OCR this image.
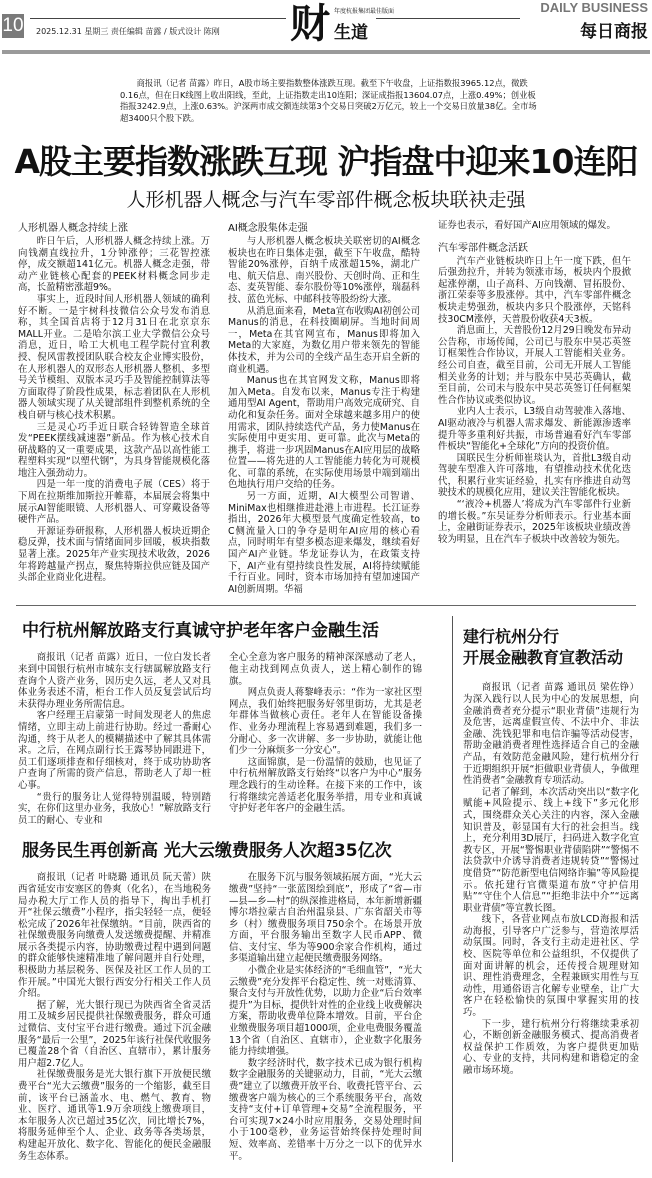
10 2025.12.31 星期三 责任编辑 苗露 / 版式设计 陈刚 财 年度杭报集团最佳版面
生道
DAILY BUSINESS
每日商报
商报讯（记者 苗露）昨日，A股市场主要指数整体涨跌互现。截至下午收盘，上证指数报3965.12点，微跌0.16点，但在日K线图上收出阳线，至此，上证指数走出10连阳；深证成指报13604.07点，上涨0.49%；创业板指报3242.9点，上涨0.63%。沪深两市成交额连续第3个交易日突破2万亿元，较上一个交易日放量38亿。全市场超3400只个股下跌。
A股主要指数涨跌互现 沪指盘中迎来10连阳
人形机器人概念与汽车零部件概念板块联袂走强
人形机器人概念持续上涨

昨日午后，人形机器人概念持续上涨。万向钱潮直线拉升，1分钟涨停；三花智控涨停，成交额超141亿元。机器人概念走强，带动产业链核心配套的PEEK材料概念同步走高，长盈精密涨超9%。

事实上，近段时间人形机器人领域的确利好不断。一是宇树科技微信公众号发布消息称，其全国首店将于12月31日在北京京东MALL开业。二是哈尔滨工业大学微信公众号消息，近日，哈工大机电工程学院付宜利教授、倪风雷教授团队联合校友企业博实股份，在人形机器人的双形态人形机器人整机、多型号关节模组、双版本灵巧手及智能控制算法等方面取得了阶段性成果，标志着团队在人形机器人领域实现了从关键部组件到整机系统的全栈自研与核心技术积累。

三是灵心巧手近日联合轻铸智造全球首发“PEEK摆线减速器”新品。作为核心技术自研战略的又一重要成果，这款产品以高性能工程塑料实现“以塑代钢”，为具身智能规模化落地注入强劲动力。

四是一年一度的消费电子展（CES）将于下周在拉斯维加斯拉开帷幕，本届展会将集中展示AI智能眼镜、人形机器人、可穿戴设备等硬件产品。

开源证券研报称，人形机器人板块近期企稳反弹，技术面与情绪面同步回暖，板块指数显著上涨。2025年产业实现技术收敛，2026年将跨越量产拐点，聚焦特斯拉供应链及国产头部企业商业化进程。

AI概念股集体走强

与人形机器人概念板块关联密切的AI概念板块也在昨日集体走强，截至下午收盘，酷特智能20%涨停，百纳千成涨超15%，湖北广电、航天信息、南兴股份、天创时尚、正和生态、麦英智能、泰尔股份等10%涨停，瑞磊科技、蓝色光标、中邮科技等股纷纷大涨。

从消息面来看，Meta宣布收购AI初创公司Manus的消息，在科技圈刷屏。当地时间周一，Meta在其官网宣布，Manus即将加入Meta的大家庭，为数亿用户带来领先的智能体技术，并为公司的全线产品生态开启全新的商业机遇。

Manus也在其官网发文称，Manus即将加入Meta。自发布以来，Manus专注于构建通用型AI Agent，帮助用户高效完成研究、自动化和复杂任务。面对全球越来越多用户的使用需求，团队持续迭代产品，务力使Manus在实际使用中更实用、更可靠。此次与Meta的携手，将进一步巩固Manus在AI应用层的战略位置——将先进的人工智能能力转化为可规模化、可靠的系统，在实际使用场景中端到端出色地执行用户交给的任务。

另一方面，近期，AI大模型公司智谱、MiniMax也相继推进赴港上市进程。长江证券指出，2026年大模型景气度确定性较高，to C侧流量入口的争夺是明年AI应用的核心看点，同时明年有望多模态迎来爆发，继续看好国产AI产业链。华龙证券认为，在政策支持下，AI产业有望持续良性发展，AI将持续赋能千行百业。同时，资本市场加持有望加速国产AI创新周期。华福

证券也表示，看好国产AI应用领域的爆发。

汽车零部件概念活跃

汽车产业链板块昨日上午一度下跌，但午后强劲拉升，并转为领涨市场，板块内个股掀起涨停潮，山子高科、万向钱潮、冒拓股份、浙江荣泰等多股涨停。其中，汽车零部件概念板块走势强劲，板块内多只个股涨停，天铭科技30CM涨停，天普股份收获4天3板。

消息面上，天普股份12月29日晚发布异动公告称，市场传闻，公司已与股东中昊芯英签订框架性合作协议，开展人工智能相关业务。经公司自查，截至目前，公司无开展人工智能相关业务的计划；并与股东中昊芯英确认，截至目前，公司未与股东中昊芯英签订任何框架性合作协议或类似协议。

业内人士表示，L3级自动驾驶准入落地、AI驱动液冷与机器人需求爆发、新能源渗透率提升等多重利好共振，市场普遍看好汽车零部件板块“智能化+全球化”方向的投资价值。

国联民生分析师崔琰认为，首批L3级自动驾驶车型准入许可落地，有望推动技术优化迭代，积累行业实证经验，扎实有序推进自动驾驶技术的规模化应用，建议关注智能化板块。

“‘液冷+机器人’将成为汽车零部件行业新的增长极。”东吴证券分析师表示。行业基本面上，金融街证券表示，2025年该板块业绩改善较为明显，且在汽车子板块中改善较为领先。

中行杭州解放路支行真诚守护老年客户金融生活

商报讯（记者 苗露）近日，一位白发长者来到中国银行杭州市城东支行辖属解放路支行查询个人资产业务，因历史久远，老人又对具体业务表述不清，柜台工作人员反复尝试后均未获得办理业务所需信息。

客户经理王启蒙第一时间发现老人的焦虑情绪，立即主动上前进行协助。经过一番耐心沟通，终于从老人的模糊描述中了解其具体需求。之后，在网点副行长王露琴协同跟进下，员工们逐项排查和仔细核对，终于成功协助客户查询了所需的资产信息，帮助老人了却一桩心事。

“贵行的服务让人觉得特别温暖，特别踏实，在你们这里办业务，我放心！”解放路支行员工的耐心、专业和

全心全意为客户服务的精神深深感动了老人，他主动找到网点负责人，送上精心制作的锦旗。

网点负责人蒋黎峰表示：“作为一家社区型网点，我们始终把服务好邻里街坊，尤其是老年群体当做核心责任。老年人在智能设备操作、业务办理流程上容易遇到难题，我们多一分耐心、多一次讲解、多一步协助，就能让他们少一分麻烦多一分安心”。

这面锦旗，是一份温情的鼓励，也见证了中行杭州解放路支行始终“以客户为中心”服务理念践行的生动诠释。在接下来的工作中，该行将继续完善适老化服务举措，用专业和真诚守护好老年客户的金融生活。

服务民生再创新高 光大云缴费服务人次超35亿次

商报讯（记者 叶晓璐 通讯员 阮天蕾）陕西省延安市安塞区的鲁爽（化名），在当地税务局办税大厅工作人员的指导下，掏出手机打开“社保云缴费”小程序，指尖轻轻一点，便轻松完成了2026年社保缴纳。“目前，陕西省的社保缴费服务向缴费人发送缴费提醒、并精准展示各类提示内容，协助缴费过程中遇到问题的群众能够快速精准地了解问题并自行处理，积极助力基层税务、医保及社区工作人员的工作开展。”中国光大银行西安分行相关工作人员介绍。

据了解，光大银行现已为陕西省全省灵活用工及城乡居民提供社保缴费服务，群众可通过微信、支付宝平台进行缴费。通过下沉金融服务“最后一公里”，2025年该行社保代收服务已覆盖28个省（自治区、直辖市），累计服务用户超2.7亿人。

社保缴费服务是光大银行旗下开放便民缴费平台“光大云缴费”服务的一个缩影，截至目前，该平台已涵盖水、电、燃气、教育、物业、医疗、通讯等1.9万余项线上缴费项目，本年服务人次已超过35亿次，同比增长7%，将服务延伸至个人、企业、政务等各类场景，构建起开放化、数字化、智能化的便民金融服务生态体系。

在服务下沉与服务领域拓展方面，“光大云缴费”坚持“一张蓝图绘到底”，形成了“省—市—县—乡—村”的纵深推进格局，本年新增新疆博尔塔拉蒙古自治州温泉县、广东省韶关市等乡（村）缴费服务项目750余个。在场景开放方面，平台服务输出至数字人民币APP、微信、支付宝、华为等900余家合作机构，通过多渠道输出建立起便民缴费服务网络。

小微企业是实体经济的“毛细血管”，“光大云缴费”充分发挥平台稳定性、统一对账清算、聚合支付与开放性优势，以助力企业“后台效率提升”为目标，提供针对性的企业线上收费解决方案，帮助收费单位降本增效。目前，平台企业缴费服务项目超1000项，企业电费服务覆盖13个省（自治区、直辖市），企业数字化服务能力持续增强。

数字经济时代，数字技术已成为银行机构数字金融服务的关键驱动力，目前，“光大云缴费”建立了以缴费开放平台、收费托管平台、云缴费客户端为核心的三个系统服务平台，高效支持“支付+订单管理+交易”全流程服务，平台可实现7×24小时应用服务，交易处理时间小于100毫秒，业务运营始终保持处理时间短、效率高、差错率十万分之一以下的优异水平。

建行杭州分行
开展金融教育宣教活动

商报讯（记者 苗露 通讯员 梁佐铮）为深入践行以人民为中心的发展思想，向金融消费者充分提示“职业背债”违规行为及危害，远离虚假宣传、不法中介、非法金融、洗钱犯罪和电信诈骗等活动侵害，帮助金融消费者理性选择适合自己的金融产品，有效防范金融风险，建行杭州分行于近期组织开展“拒做职业背债人，争做理性消费者”金融教育专项活动。

记者了解到，本次活动突出以“数字化赋能+风险提示、线上+线下”多元化形式，围绕群众关心关注的内容，深入金融知识普及，彰显国有大行的社会担当。线上，充分利用3D展厅，扫码进入数字化宣教专区，开展“警惕职业背债陷阱”“警惕不法贷款中介诱导消费者违规转贷”“警惕过度借贷”“防范新型电信网络诈骗”等风险提示。依托建行官微渠道布放“守护信用贴”“守住个人信息”“拒绝非法中介”“远离职业背债”等宣教长图。

线下，各营业网点布放LCD海报和活动海报，引导客户广泛参与，营造浓厚活动氛围。同时，各支行主动走进社区、学校、医院等单位和公益组织，不仅提供了面对面讲解的机会，还传授合规理财知识、理性消费理念，全程兼顾实用性与互动性，用通俗语言化解专业壁垒，让广大客户在轻松愉快的氛围中掌握实用的技巧。

下一步，建行杭州分行将继续秉承初心，不断创新金融服务模式、提高消费者权益保护工作质效，为客户提供更加贴心、专业的支持，共同构建和谐稳定的金融市场环境。
